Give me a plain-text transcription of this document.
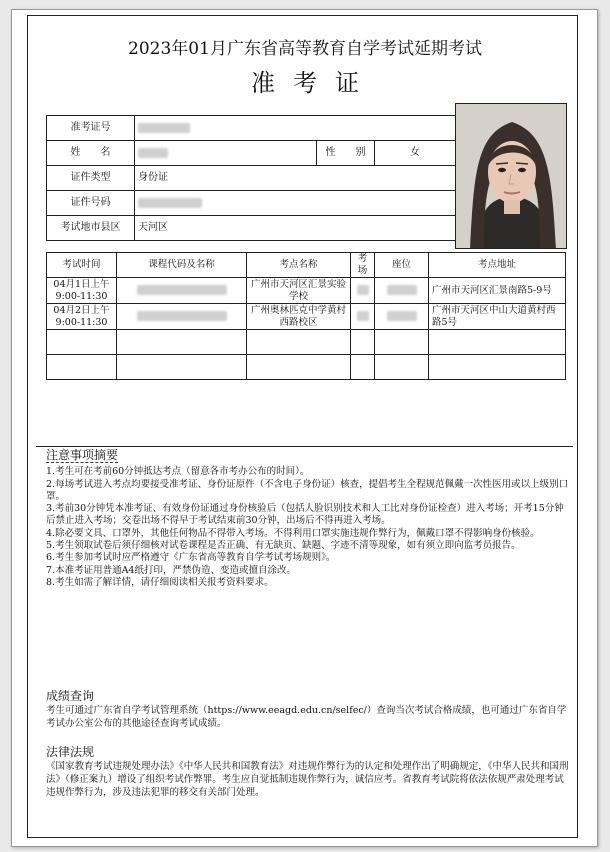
2023年01月广东省高等教育自学考试延期考试
准考证
准考证号			
姓　　名		性　　别	女
证件类型	身份证		
证件号码			
考试地市县区	天河区		
考试时间	课程代码及名称	考点名称	考场	座位	考点地址
04月1日上午
9:00-11:30		广州市天河区汇景实验学校			广州市天河区汇景南路5-9号
04月2日上午
9:00-11:30		广州奥林匹克中学黄村西路校区			广州市天河区中山大道黄村西路5号

注意事项摘要

1.考生可在考前60分钟抵达考点（留意各市考办公布的时间）。

2.每场考试进入考点均要接受准考证、身份证原件（不含电子身份证）核查，提倡考生全程规范佩戴一次性医用或以上级别口罩。

3.考前30分钟凭本准考证、有效身份证通过身份核验后（包括人脸识别技术和人工比对身份证检查）进入考场；开考15分钟后禁止进入考场；交卷出场不得早于考试结束前30分钟，出场后不得再进入考场。

4.除必要文具、口罩外，其他任何物品不得带入考场。不得利用口罩实施违规作弊行为，佩戴口罩不得影响身份核验。

5.考生领取试卷后须仔细核对试卷课程是否正确、有无缺页、缺题、字迹不清等现象，如有须立即向监考员报告。

6.考生参加考试时应严格遵守《广东省高等教育自学考试考场规则》。

7.本准考证用普通A4纸打印，严禁伪造、变造或擅自涂改。

8.考生如需了解详情，请仔细阅读相关报考资料要求。

成绩查询

考生可通过广东省自学考试管理系统（https://www.eeagd.edu.cn/selfec/）查询当次考试合格成绩，也可通过广东省自学考试办公室公布的其他途径查询考试成绩。

法律法规

《国家教育考试违规处理办法》《中华人民共和国教育法》对违规作弊行为的认定和处理作出了明确规定，《中华人民共和国刑法》（修正案九）增设了组织考试作弊罪。考生应自觉抵制违规作弊行为，诚信应考。省教育考试院将依法依规严肃处理考试违规作弊行为，涉及违法犯罪的移交有关部门处理。
